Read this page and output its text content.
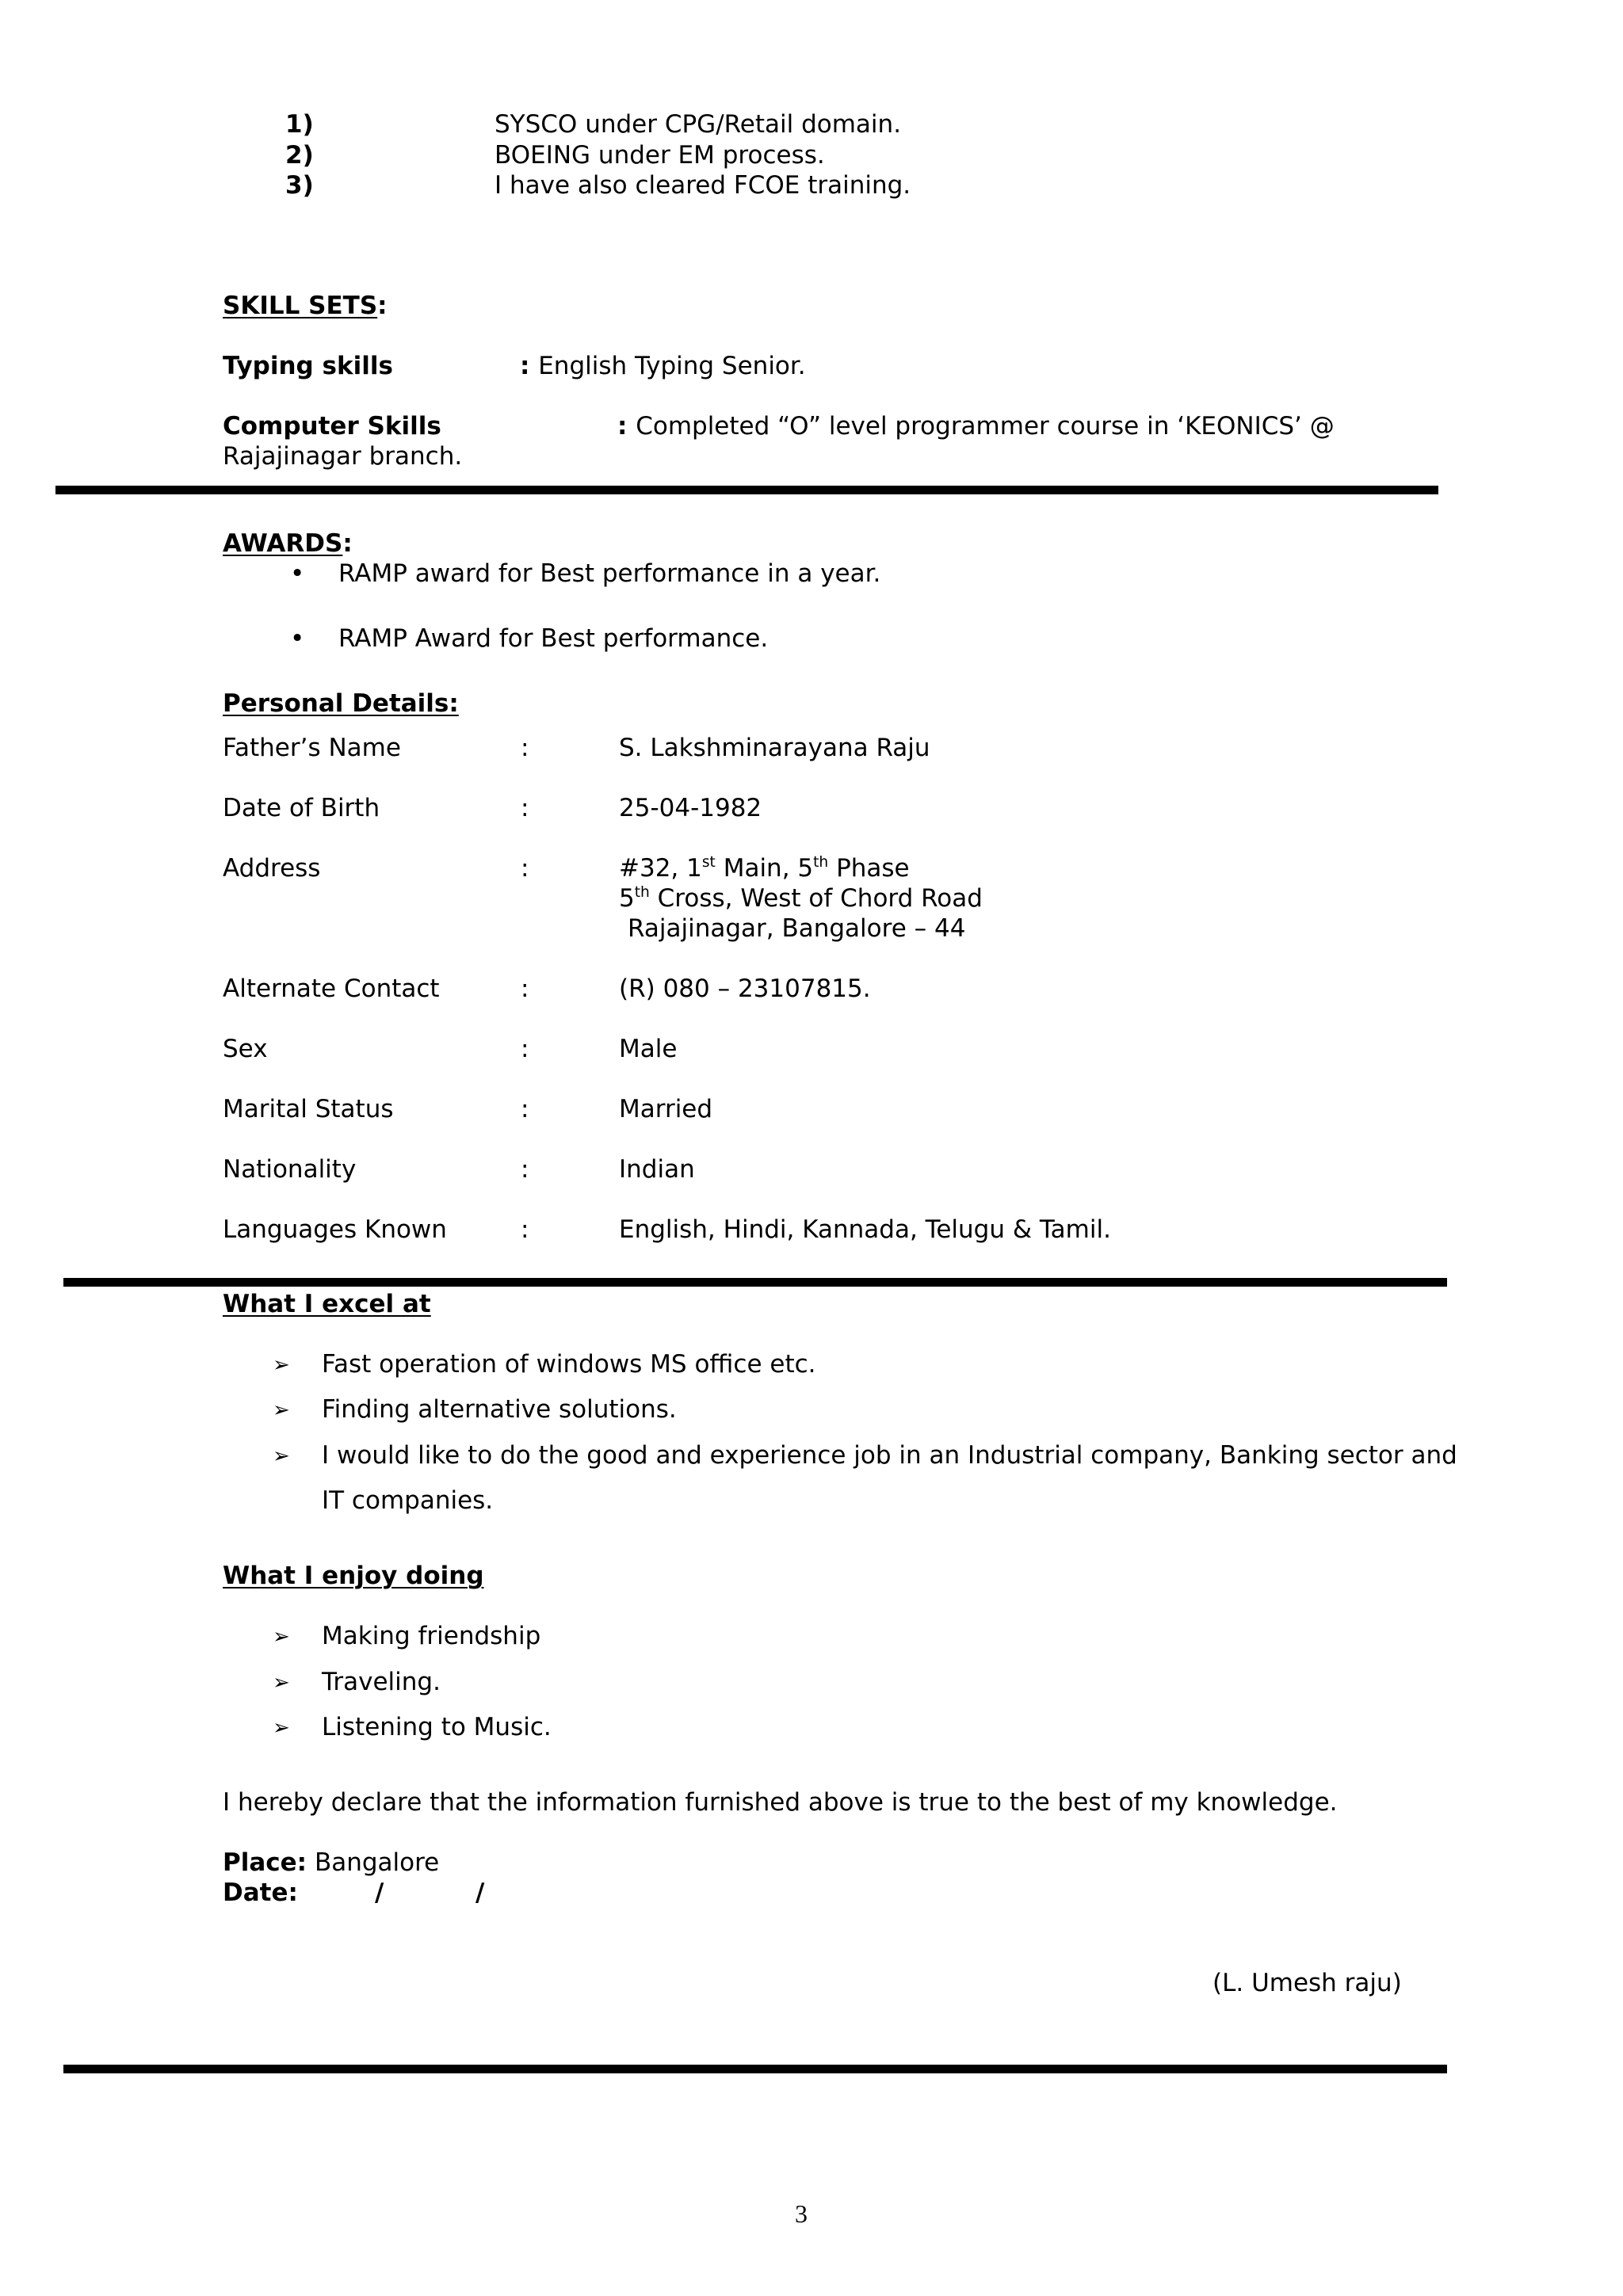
1)	SYSCO under CPG/Retail domain.
2)	BOEING under EM process.
3)	I have also cleared FCOE training.
SKILL SETS:
Typing skills	: English Typing Senior.
Computer Skills	: Completed “O” level programmer course in ‘KEONICS’ @
Rajajinagar branch.
AWARDS:
• RAMP award for Best performance in a year.
• RAMP Award for Best performance.
Personal Details:
Father’s Name	:	S. Lakshminarayana Raju
Date of Birth	:	25-04-1982
Address	:	#32, 1st Main, 5th Phase
5th Cross, West of Chord Road
Rajajinagar, Bangalore – 44
Alternate Contact	:	(R) 080 – 23107815.
Sex	:	Male
Marital Status	:	Married
Nationality	:	Indian
Languages Known	:	English, Hindi, Kannada, Telugu & Tamil.
What I excel at
➢ Fast operation of windows MS office etc.
➢ Finding alternative solutions.
➢ I would like to do the good and experience job in an Industrial company, Banking sector and
IT companies.
What I enjoy doing
➢ Making friendship
➢ Traveling.
➢ Listening to Music.
I hereby declare that the information furnished above is true to the best of my knowledge.
Place: Bangalore
Date:	/	/
(L. Umesh raju)
3
